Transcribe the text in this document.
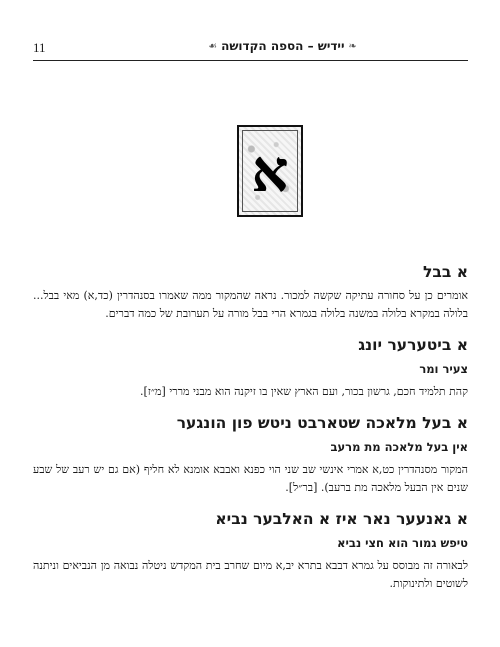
11	❧
יידיש – הספה הקדושה
☙
א
א בבל

אומרים כן על סחורה עתיקה שקשה למכור. נראה שהמקור ממה שאמרו בסנהדרין (כד,א) מאי בבל... בלולה במקרא בלולה במשנה בלולה בגמרא הרי בבל מורה על תערובת של כמה דברים.

א ביטערער יונג
צעיר ומר

קהת תלמיד חכם, גרשון בכור, ועם הארץ שאין בו זיקנה הוא מבני מררי [מ״ז].

א בעל מלאכה שטארבט ניטש פון הונגער
אין בעל מלאכה מת מרעב

המקור מסנהדרין כט,א אמרי אינשי שב שני הוי כפנא ואבבא אומנא לא חליף (אם גם יש רעב של שבע שנים אין הבעל מלאכה מת ברעב). [בר״ל].

א גאנעער נאר איז א האלבער נביא
טיפש גמור הוא חצי נביא

לבאורה זה מבוסס על גמרא דבבא בתרא יב,א מיום שחרב בית המקדש ניטלה נבואה מן הנביאים וניתנה לשוטים ולתינוקות.
